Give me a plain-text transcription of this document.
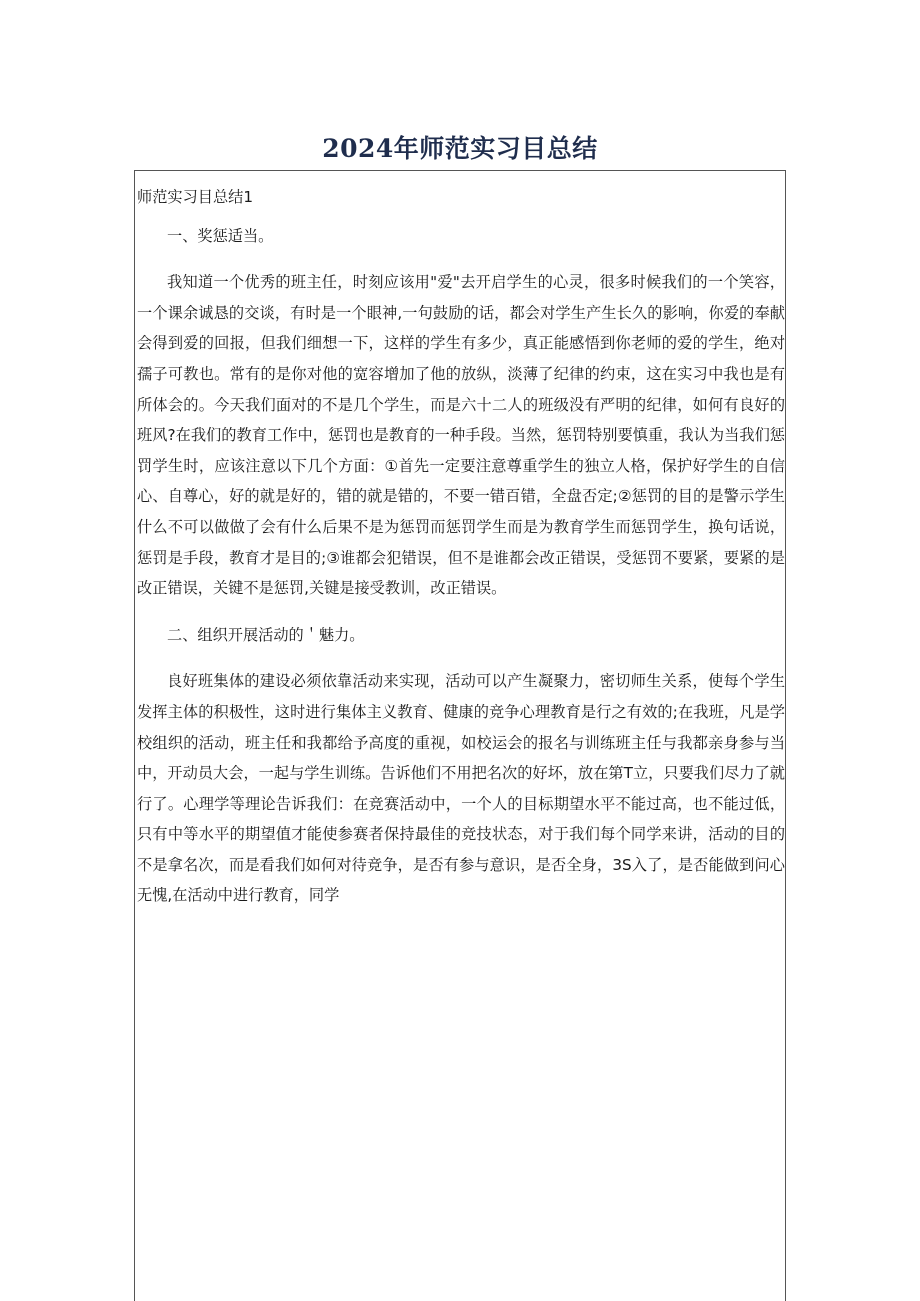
2024年师范实习目总结

师范实习目总结1

一、奖惩适当。

我知道一个优秀的班主任，时刻应该用"爱"去开启学生的心灵，很多时候我们的一个笑容，一个课余诚恳的交谈，有时是一个眼神,一句鼓励的话，都会对学生产生长久的影响，你爱的奉献会得到爱的回报，但我们细想一下，这样的学生有多少，真正能感悟到你老师的爱的学生，绝对孺子可教也。常有的是你对他的宽容增加了他的放纵，淡薄了纪律的约束，这在实习中我也是有所体会的。今天我们面对的不是几个学生，而是六十二人的班级没有严明的纪律，如何有良好的班风?在我们的教育工作中，惩罚也是教育的一种手段。当然，惩罚特别要慎重，我认为当我们惩罚学生时，应该注意以下几个方面：①首先一定要注意尊重学生的独立人格，保护好学生的自信心、自尊心，好的就是好的，错的就是错的，不要一错百错，全盘否定;②惩罚的目的是警示学生什么不可以做做了会有什么后果不是为惩罚而惩罚学生而是为教育学生而惩罚学生，换句话说，惩罚是手段，教育才是目的;③谁都会犯错误，但不是谁都会改正错误，受惩罚不要紧，要紧的是改正错误，关键不是惩罚,关键是接受教训，改正错误。

二、组织开展活动的＇魅力。

良好班集体的建设必须依靠活动来实现，活动可以产生凝聚力，密切师生关系，使每个学生发挥主体的积极性，这时进行集体主义教育、健康的竞争心理教育是行之有效的;在我班，凡是学校组织的活动，班主任和我都给予高度的重视，如校运会的报名与训练班主任与我都亲身参与当中，开动员大会，一起与学生训练。告诉他们不用把名次的好坏，放在第T立，只要我们尽力了就行了。心理学等理论告诉我们：在竞赛活动中，一个人的目标期望水平不能过高，也不能过低，只有中等水平的期望值才能使参赛者保持最佳的竞技状态，对于我们每个同学来讲，活动的目的不是拿名次，而是看我们如何对待竞争，是否有参与意识，是否全身，3S入了，是否能做到问心无愧,在活动中进行教育，同学
